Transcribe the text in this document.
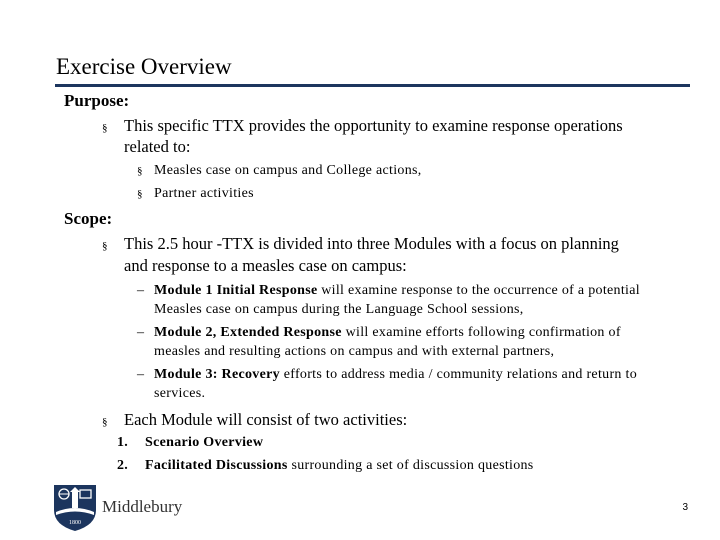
Exercise Overview
Purpose:
§ This specific TTX provides the opportunity to examine response operations
related to:
§ Measles case on campus and College actions,
§ Partner activities
Scope:
§ This 2.5 hour -TTX is divided into three Modules with a focus on planning
and response to a measles case on campus:
– Module 1 Initial Response will examine response to the occurrence of a potential
Measles case on campus during the Language School sessions,
– Module 2, Extended Response will examine efforts following confirmation of
measles and resulting actions on campus and with external partners,
– Module 3: Recovery efforts to address media / community relations and return to
services.
§ Each Module will consist of two activities:
1. Scenario Overview
2. Facilitated Discussions surrounding a set of discussion questions
1800
Middlebury	3
